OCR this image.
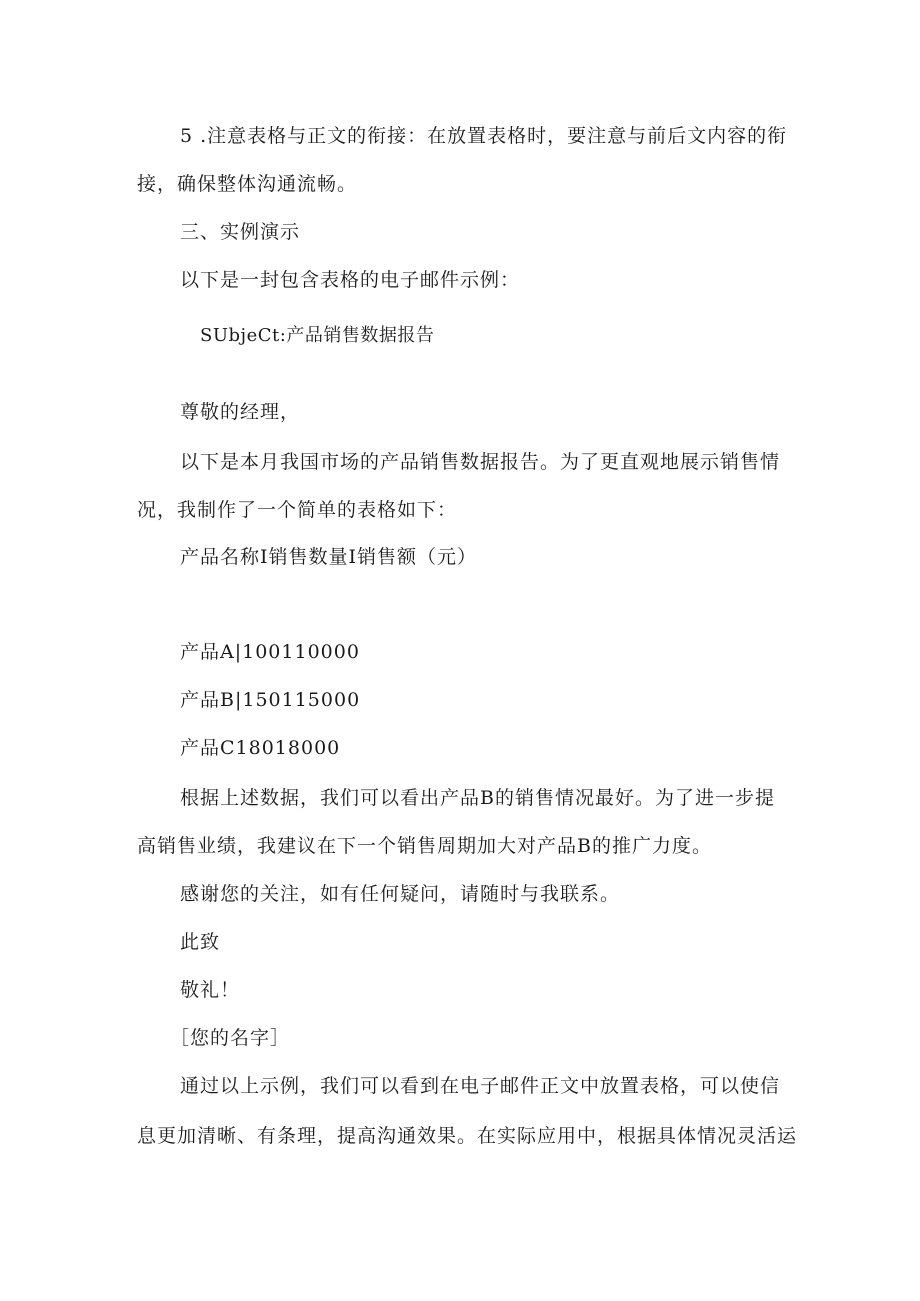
5 .注意表格与正文的衔接：在放置表格时，要注意与前后文内容的衔
接，确保整体沟通流畅。
三、实例演示
以下是一封包含表格的电子邮件示例：
SUbjeCt:产品销售数据报告
尊敬的经理，
以下是本月我国市场的产品销售数据报告。为了更直观地展示销售情
况，我制作了一个简单的表格如下：
产品名称I销售数量I销售额（元）
产品A|100110000
产品B|150115000
产品C18018000
根据上述数据，我们可以看出产品B的销售情况最好。为了进一步提
高销售业绩，我建议在下一个销售周期加大对产品B的推广力度。
感谢您的关注，如有任何疑问，请随时与我联系。
此致
敬礼！
［您的名字］
通过以上示例，我们可以看到在电子邮件正文中放置表格，可以使信
息更加清晰、有条理，提高沟通效果。在实际应用中，根据具体情况灵活运
